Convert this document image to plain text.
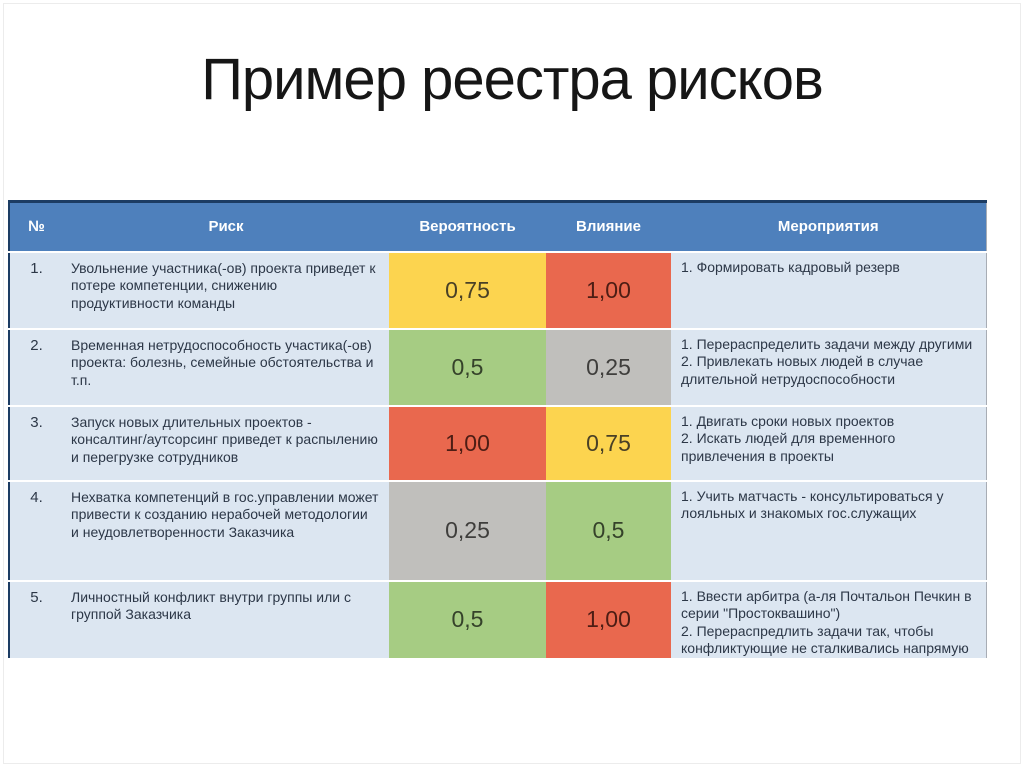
Пример реестра рисков
№	Риск	Вероятность	Влияние	Мероприятия
1.	Увольнение участника(-ов) проекта приведет к потере компетенции, снижению продуктивности команды	0,75	1,00	1. Формировать кадровый резерв

2.	Временная нетрудоспособность участика(-ов) проекта: болезнь, семейные обстоятельства и т.п.	0,5	0,25	1. Перераспределить задачи между другими
2. Привлекать новых людей в случае длительной нетрудоспособности

3.	Запуск новых длительных проектов - консалтинг/аутсорсинг приведет к распылению и перегрузке сотрудников	1,00	0,75	1. Двигать сроки новых проектов
2. Искать людей для временного привлечения в проекты

4.	Нехватка компетенций в гос.управлении может привести к созданию нерабочей методологии и неудовлетворенности Заказчика	0,25	0,5	1. Учить матчасть - консультироваться у лояльных и знакомых гос.служащих

5.	Личностный конфликт внутри группы или с группой Заказчика	0,5	1,00	1. Ввести арбитра (а-ля Почтальон Печкин в серии "Простоквашино")
2. Перераспредлить задачи так, чтобы конфликтующие не сталкивались напрямую
